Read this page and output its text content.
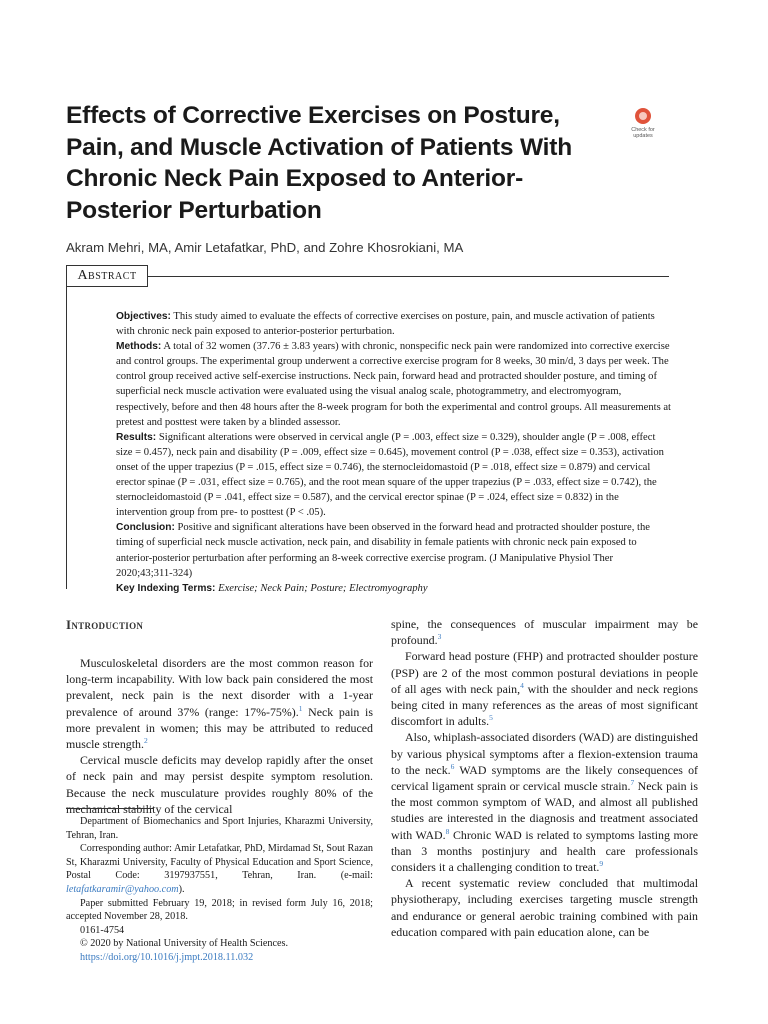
Effects of Corrective Exercises on Posture, Pain, and Muscle Activation of Patients With Chronic Neck Pain Exposed to Anterior-Posterior Perturbation
Check for updates

Akram Mehri, MA, Amir Letafatkar, PhD, and Zohre Khosrokiani, MA

Abstract

Objectives: This study aimed to evaluate the effects of corrective exercises on posture, pain, and muscle activation of patients with chronic neck pain exposed to anterior-posterior perturbation.

Methods: A total of 32 women (37.76 ± 3.83 years) with chronic, nonspecific neck pain were randomized into corrective exercise and control groups. The experimental group underwent a corrective exercise program for 8 weeks, 30 min/d, 3 days per week. The control group received active self-exercise instructions. Neck pain, forward head and protracted shoulder posture, and timing of superficial neck muscle activation were evaluated using the visual analog scale, photogrammetry, and electromyogram, respectively, before and then 48 hours after the 8-week program for both the experimental and control groups. All measurements at pretest and posttest were taken by a blinded assessor.

Results: Significant alterations were observed in cervical angle (P = .003, effect size = 0.329), shoulder angle (P = .008, effect size = 0.457), neck pain and disability (P = .009, effect size = 0.645), movement control (P = .038, effect size = 0.353), activation onset of the upper trapezius (P = .015, effect size = 0.746), the sternocleidomastoid (P = .018, effect size = 0.879) and cervical erector spinae (P = .031, effect size = 0.765), and the root mean square of the upper trapezius (P = .033, effect size = 0.742), the sternocleidomastoid (P = .041, effect size = 0.587), and the cervical erector spinae (P = .024, effect size = 0.832) in the intervention group from pre- to posttest (P < .05).

Conclusion: Positive and significant alterations have been observed in the forward head and protracted shoulder posture, the timing of superficial neck muscle activation, neck pain, and disability in female patients with chronic neck pain exposed to anterior-posterior perturbation after performing an 8-week corrective exercise program. (J Manipulative Physiol Ther 2020;43;311-324)

Key Indexing Terms: Exercise; Neck Pain; Posture; Electromyography

Introduction

Musculoskeletal disorders are the most common reason for long-term incapability. With low back pain considered the most prevalent, neck pain is the next disorder with a 1-year prevalence of around 37% (range: 17%-75%).$^1$ Neck pain is more prevalent in women; this may be attributed to reduced muscle strength.$^2$

Cervical muscle deficits may develop rapidly after the onset of neck pain and may persist despite symptom resolution. Because the neck musculature provides roughly 80% of the mechanical stability of the cervical

Department of Biomechanics and Sport Injuries, Kharazmi University, Tehran, Iran.

Corresponding author: Amir Letafatkar, PhD, Mirdamad St, Sout Razan St, Kharazmi University, Faculty of Physical Education and Sport Science, Postal Code: 3197937551, Tehran, Iran. (e-mail: letafatkaramir@yahoo.com).

Paper submitted February 19, 2018; in revised form July 16, 2018; accepted November 28, 2018.

0161-4754

© 2020 by National University of Health Sciences.

https://doi.org/10.1016/j.jmpt.2018.11.032

spine, the consequences of muscular impairment may be profound.$^3$

Forward head posture (FHP) and protracted shoulder posture (PSP) are 2 of the most common postural deviations in people of all ages with neck pain,$^4$ with the shoulder and neck regions being cited in many references as the areas of most significant discomfort in adults.$^5$

Also, whiplash-associated disorders (WAD) are distinguished by various physical symptoms after a flexion-extension trauma to the neck.$^6$ WAD symptoms are the likely consequences of cervical ligament sprain or cervical muscle strain.$^7$ Neck pain is the most common symptom of WAD, and almost all published studies are interested in the diagnosis and treatment associated with WAD.$^8$ Chronic WAD is related to symptoms lasting more than 3 months postinjury and health care professionals considers it a challenging condition to treat.$^9$

A recent systematic review concluded that multimodal physiotherapy, including exercises targeting muscle strength and endurance or general aerobic training combined with pain education compared with pain education alone, can be
